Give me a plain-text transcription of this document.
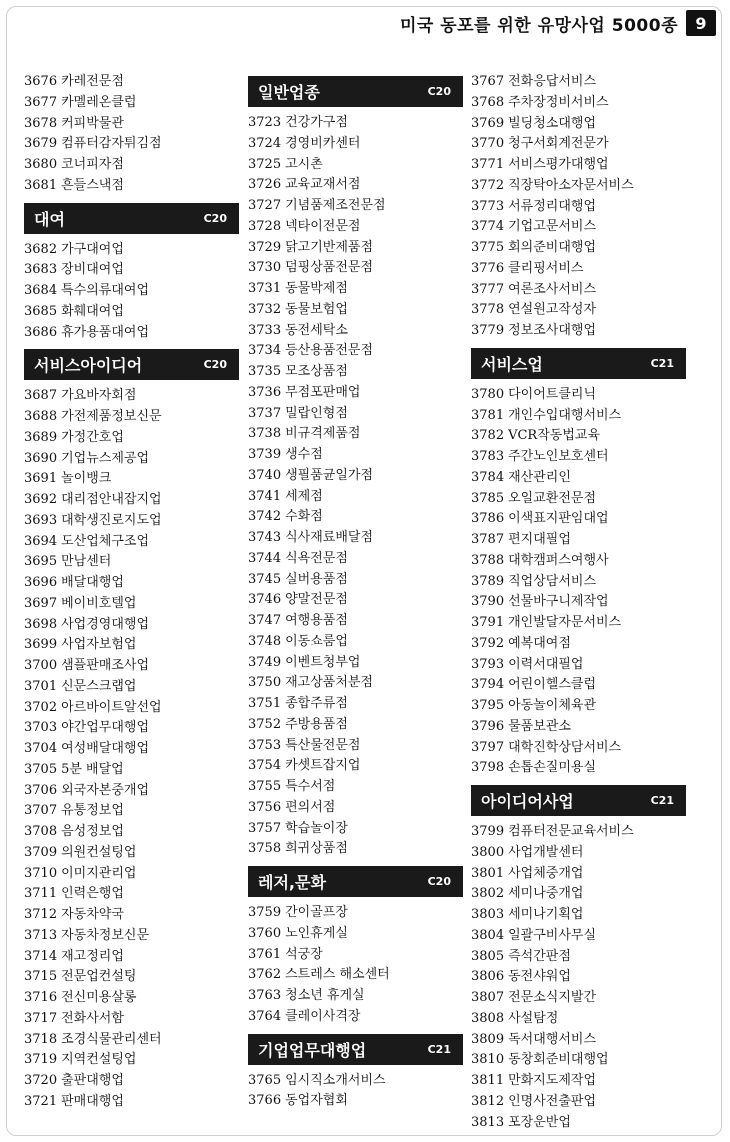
미국 동포를 위한 유망사업 5000종	9
3676 카레전문점
3677 카멜레온클럽
3678 커피박물관
3679 컴퓨터감자튀김점
3680 코너피자점
3681 흔들스낵점
대여	C20
3682 가구대여업
3683 장비대여업
3684 특수의류대여업
3685 화훼대여업
3686 휴가용품대여업
서비스아이디어	C20
3687 가요바자회점
3688 가전제품정보신문
3689 가정간호업
3690 기업뉴스제공업
3691 놀이뱅크
3692 대리점안내잡지업
3693 대학생진로지도업
3694 도산업체구조업
3695 만남센터
3696 배달대행업
3697 베이비호텔업
3698 사업경영대행업
3699 사업자보험업
3700 샘플판매조사업
3701 신문스크랩업
3702 아르바이트알선업
3703 야간업무대행업
3704 여성배달대행업
3705 5분 배달업
3706 외국자본중개업
3707 유통정보업
3708 음성정보업
3709 의원컨설팅업
3710 이미지관리업
3711 인력은행업
3712 자동차약국
3713 자동차정보신문
3714 재고정리업
3715 전문업컨설팅
3716 전신미용살롱
3717 전화사서함
3718 조경식물관리센터
3719 지역컨설팅업
3720 출판대행업
3721 판매대행업
일반업종	C20
3723 건강가구점
3724 경영비카센터
3725 고시촌
3726 교육교재서점
3727 기념품제조전문점
3728 넥타이전문점
3729 닭고기반제품점
3730 덤핑상품전문점
3731 동물박제점
3732 동물보험업
3733 동전세탁소
3734 등산용품전문점
3735 모조상품점
3736 무점포판매업
3737 밀랍인형점
3738 비규격제품점
3739 생수점
3740 생필품균일가점
3741 세제점
3742 수화점
3743 식사재료배달점
3744 식욕전문점
3745 실버용품점
3746 양말전문점
3747 여행용품점
3748 이동쇼룸업
3749 이벤트청부업
3750 재고상품처분점
3751 종합주류점
3752 주방용품점
3753 특산물전문점
3754 카셋트잡지업
3755 특수서점
3756 편의서점
3757 학습놀이장
3758 희귀상품점
레저,문화	C20
3759 간이골프장
3760 노인휴게실
3761 석궁장
3762 스트레스 해소센터
3763 청소년 휴게실
3764 클레이사격장
기업업무대행업	C21
3765 임시직소개서비스
3766 동업자협회
3767 전화응답서비스
3768 주차장정비서비스
3769 빌딩청소대행업
3770 청구서회계전문가
3771 서비스평가대행업
3772 직장탁아소자문서비스
3773 서류정리대행업
3774 기업고문서비스
3775 회의준비대행업
3776 클리핑서비스
3777 여론조사서비스
3778 연설원고작성자
3779 정보조사대행업
서비스업	C21
3780 다이어트클리닉
3781 개인수입대행서비스
3782 VCR작동법교육
3783 주간노인보호센터
3784 재산관리인
3785 오일교환전문점
3786 이색표지판임대업
3787 편지대필업
3788 대학캠퍼스여행사
3789 직업상담서비스
3790 선물바구니제작업
3791 개인발달자문서비스
3792 예복대여점
3793 이력서대필업
3794 어린이헬스클럽
3795 아동놀이체육관
3796 물품보관소
3797 대학진학상담서비스
3798 손톱손질미용실
아이디어사업	C21
3799 컴퓨터전문교육서비스
3800 사업개발센터
3801 사업체중개업
3802 세미나중개업
3803 세미나기획업
3804 일괄구비사무실
3805 즉석간판점
3806 동전샤워업
3807 전문소식지발간
3808 사설탐정
3809 독서대행서비스
3810 동창회준비대행업
3811 만화지도제작업
3812 인명사전출판업
3813 포장운반업
